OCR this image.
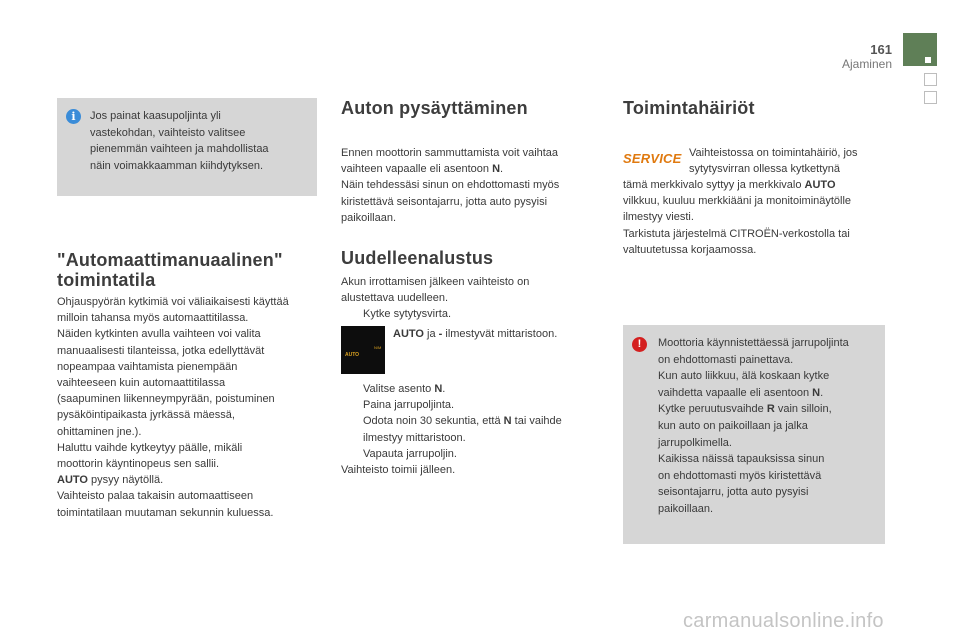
161
Ajaminen
i	Jos painat kaasupoljinta yli
vastekohdan, vaihteisto valitsee
pienemmän vaihteen ja mahdollistaa
näin voimakkaamman kiihdytyksen.
"Automaattimanuaalinen"
toimintatila
Ohjauspyörän kytkimiä voi väliaikaisesti käyttää
milloin tahansa myös automaattitilassa.
Näiden kytkinten avulla vaihteen voi valita
manuaalisesti tilanteissa, jotka edellyttävät
nopeampaa vaihtamista pienempään
vaihteeseen kuin automaattitilassa
(saapuminen liikenneympyrään, poistuminen
pysäköintipaikasta jyrkässä mäessä,
ohittaminen jne.).
Haluttu vaihde kytkeytyy päälle, mikäli
moottorin käyntinopeus sen sallii.
AUTO pysyy näytöllä.
Vaihteisto palaa takaisin automaattiseen
toimintatilaan muutaman sekunnin kuluessa.
Auton pysäyttäminen
Ennen moottorin sammuttamista voit vaihtaa
vaihteen vapaalle eli asentoon N.
Näin tehdessäsi sinun on ehdottomasti myös
kiristettävä seisontajarru, jotta auto pysyisi
paikoillaan.
Uudelleenalustus
Akun irrottamisen jälkeen vaihteisto on
alustettava uudelleen.
Kytke sytytysvirta.
AUTO
N/M
AUTO ja - ilmestyvät mittaristoon.
Valitse asento N.
Paina jarrupoljinta.
Odota noin 30 sekuntia, että N tai vaihde
ilmestyy mittaristoon.
Vapauta jarrupoljin.
Vaihteisto toimii jälleen.
Toimintahäiriöt
SERVICE Vaihteistossa on toimintahäiriö, jos
sytytysvirran ollessa kytkettynä
tämä merkkivalo syttyy ja merkkivalo AUTO
vilkkuu, kuuluu merkkiääni ja monitoiminäytölle
ilmestyy viesti.
Tarkistuta järjestelmä CITROËN-verkostolla tai
valtuutetussa korjaamossa.
!	Moottoria käynnistettäessä jarrupoljinta
on ehdottomasti painettava.
Kun auto liikkuu, älä koskaan kytke
vaihdetta vapaalle eli asentoon N.
Kytke peruutusvaihde R vain silloin,
kun auto on paikoillaan ja jalka
jarrupolkimella.
Kaikissa näissä tapauksissa sinun
on ehdottomasti myös kiristettävä
seisontajarru, jotta auto pysyisi
paikoillaan.
carmanualsonline.info
